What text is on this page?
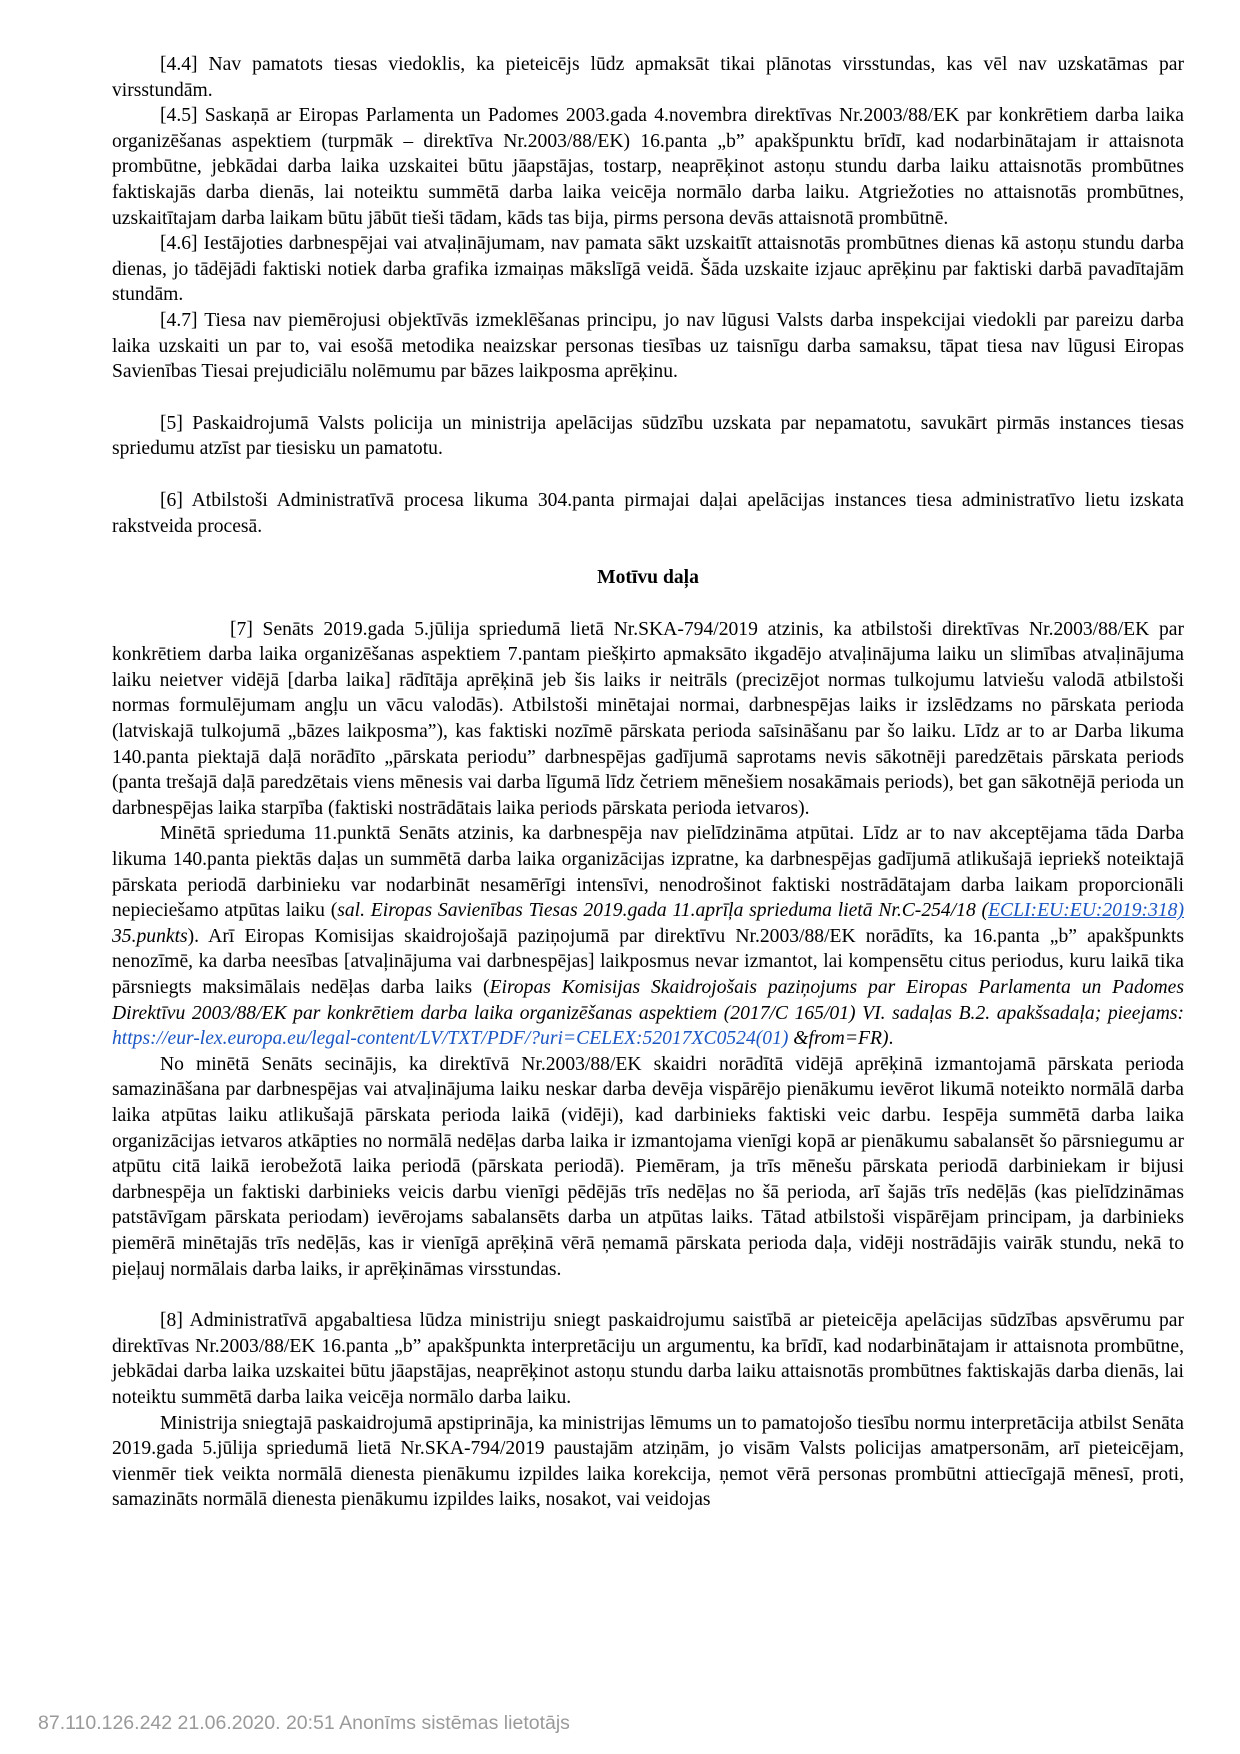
[4.4] Nav pamatots tiesas viedoklis, ka pieteicējs lūdz apmaksāt tikai plānotas virsstundas, kas vēl nav uzskatāmas par virsstundām.

[4.5] Saskaņā ar Eiropas Parlamenta un Padomes 2003.gada 4.novembra direktīvas Nr.2003/88/EK par konkrētiem darba laika organizēšanas aspektiem (turpmāk – direktīva Nr.2003/88/EK) 16.panta „b” apakšpunktu brīdī, kad nodarbinātajam ir attaisnota prombūtne, jebkādai darba laika uzskaitei būtu jāapstājas, tostarp, neaprēķinot astoņu stundu darba laiku attaisnotās prombūtnes faktiskajās darba dienās, lai noteiktu summētā darba laika veicēja normālo darba laiku. Atgriežoties no attaisnotās prombūtnes, uzskaitītajam darba laikam būtu jābūt tieši tādam, kāds tas bija, pirms persona devās attaisnotā prombūtnē.

[4.6] Iestājoties darbnespējai vai atvaļinājumam, nav pamata sākt uzskaitīt attaisnotās prombūtnes dienas kā astoņu stundu darba dienas, jo tādējādi faktiski notiek darba grafika izmaiņas mākslīgā veidā. Šāda uzskaite izjauc aprēķinu par faktiski darbā pavadītajām stundām.

[4.7] Tiesa nav piemērojusi objektīvās izmeklēšanas principu, jo nav lūgusi Valsts darba inspekcijai viedokli par pareizu darba laika uzskaiti un par to, vai esošā metodika neaizskar personas tiesības uz taisnīgu darba samaksu, tāpat tiesa nav lūgusi Eiropas Savienības Tiesai prejudiciālu nolēmumu par bāzes laikposma aprēķinu.

[5] Paskaidrojumā Valsts policija un ministrija apelācijas sūdzību uzskata par nepamatotu, savukārt pirmās instances tiesas spriedumu atzīst par tiesisku un pamatotu.

[6] Atbilstoši Administratīvā procesa likuma 304.panta pirmajai daļai apelācijas instances tiesa administratīvo lietu izskata rakstveida procesā.

Motīvu daļa

[7] Senāts 2019.gada 5.jūlija spriedumā lietā Nr.SKA-794/2019 atzinis, ka atbilstoši direktīvas Nr.2003/88/EK par konkrētiem darba laika organizēšanas aspektiem 7.pantam piešķirto apmaksāto ikgadējo atvaļinājuma laiku un slimības atvaļinājuma laiku neietver vidējā [darba laika] rādītāja aprēķinā jeb šis laiks ir neitrāls (precizējot normas tulkojumu latviešu valodā atbilstoši normas formulējumam angļu un vācu valodās). Atbilstoši minētajai normai, darbnespējas laiks ir izslēdzams no pārskata perioda (latviskajā tulkojumā „bāzes laikposma”), kas faktiski nozīmē pārskata perioda saīsināšanu par šo laiku. Līdz ar to ar Darba likuma 140.panta piektajā daļā norādīto „pārskata periodu” darbnespējas gadījumā saprotams nevis sākotnēji paredzētais pārskata periods (panta trešajā daļā paredzētais viens mēnesis vai darba līgumā līdz četriem mēnešiem nosakāmais periods), bet gan sākotnējā perioda un darbnespējas laika starpība (faktiski nostrādātais laika periods pārskata perioda ietvaros).

Minētā sprieduma 11.punktā Senāts atzinis, ka darbnespēja nav pielīdzināma atpūtai. Līdz ar to nav akceptējama tāda Darba likuma 140.panta piektās daļas un summētā darba laika organizācijas izpratne, ka darbnespējas gadījumā atlikušajā iepriekš noteiktajā pārskata periodā darbinieku var nodarbināt nesamērīgi intensīvi, nenodrošinot faktiski nostrādātajam darba laikam proporcionāli nepieciešamo atpūtas laiku (sal. Eiropas Savienības Tiesas 2019.gada 11.aprīļa sprieduma lietā Nr.C-254/18 (ECLI:EU:EU:2019:318) 35.punkts). Arī Eiropas Komisijas skaidrojošajā paziņojumā par direktīvu Nr.2003/88/EK norādīts, ka 16.panta „b” apakšpunkts nenozīmē, ka darba neesības [atvaļinājuma vai darbnespējas] laikposmus nevar izmantot, lai kompensētu citus periodus, kuru laikā tika pārsniegts maksimālais nedēļas darba laiks (Eiropas Komisijas Skaidrojošais paziņojums par Eiropas Parlamenta un Padomes Direktīvu 2003/88/EK par konkrētiem darba laika organizēšanas aspektiem (2017/C 165/01) VI. sadaļas B.2. apakšsadaļa; pieejams: https://eur-lex.europa.eu/legal-content/LV/TXT/PDF/?uri=CELEX:52017XC0524(01) &from=FR).

No minētā Senāts secinājis, ka direktīvā Nr.2003/88/EK skaidri norādītā vidējā aprēķinā izmantojamā pārskata perioda samazināšana par darbnespējas vai atvaļinājuma laiku neskar darba devēja vispārējo pienākumu ievērot likumā noteikto normālā darba laika atpūtas laiku atlikušajā pārskata perioda laikā (vidēji), kad darbinieks faktiski veic darbu. Iespēja summētā darba laika organizācijas ietvaros atkāpties no normālā nedēļas darba laika ir izmantojama vienīgi kopā ar pienākumu sabalansēt šo pārsniegumu ar atpūtu citā laikā ierobežotā laika periodā (pārskata periodā). Piemēram, ja trīs mēnešu pārskata periodā darbiniekam ir bijusi darbnespēja un faktiski darbinieks veicis darbu vienīgi pēdējās trīs nedēļas no šā perioda, arī šajās trīs nedēļās (kas pielīdzināmas patstāvīgam pārskata periodam) ievērojams sabalansēts darba un atpūtas laiks. Tātad atbilstoši vispārējam principam, ja darbinieks piemērā minētajās trīs nedēļās, kas ir vienīgā aprēķinā vērā ņemamā pārskata perioda daļa, vidēji nostrādājis vairāk stundu, nekā to pieļauj normālais darba laiks, ir aprēķināmas virsstundas.

[8] Administratīvā apgabaltiesa lūdza ministriju sniegt paskaidrojumu saistībā ar pieteicēja apelācijas sūdzības apsvērumu par direktīvas Nr.2003/88/EK 16.panta „b” apakšpunkta interpretāciju un argumentu, ka brīdī, kad nodarbinātajam ir attaisnota prombūtne, jebkādai darba laika uzskaitei būtu jāapstājas, neaprēķinot astoņu stundu darba laiku attaisnotās prombūtnes faktiskajās darba dienās, lai noteiktu summētā darba laika veicēja normālo darba laiku.

Ministrija sniegtajā paskaidrojumā apstiprināja, ka ministrijas lēmums un to pamatojošo tiesību normu interpretācija atbilst Senāta 2019.gada 5.jūlija spriedumā lietā Nr.SKA-794/2019 paustajām atziņām, jo visām Valsts policijas amatpersonām, arī pieteicējam, vienmēr tiek veikta normālā dienesta pienākumu izpildes laika korekcija, ņemot vērā personas prombūtni attiecīgajā mēnesī, proti, samazināts normālā dienesta pienākumu izpildes laiks, nosakot, vai veidojas

87.110.126.242 21.06.2020. 20:51 Anonīms sistēmas lietotājs
